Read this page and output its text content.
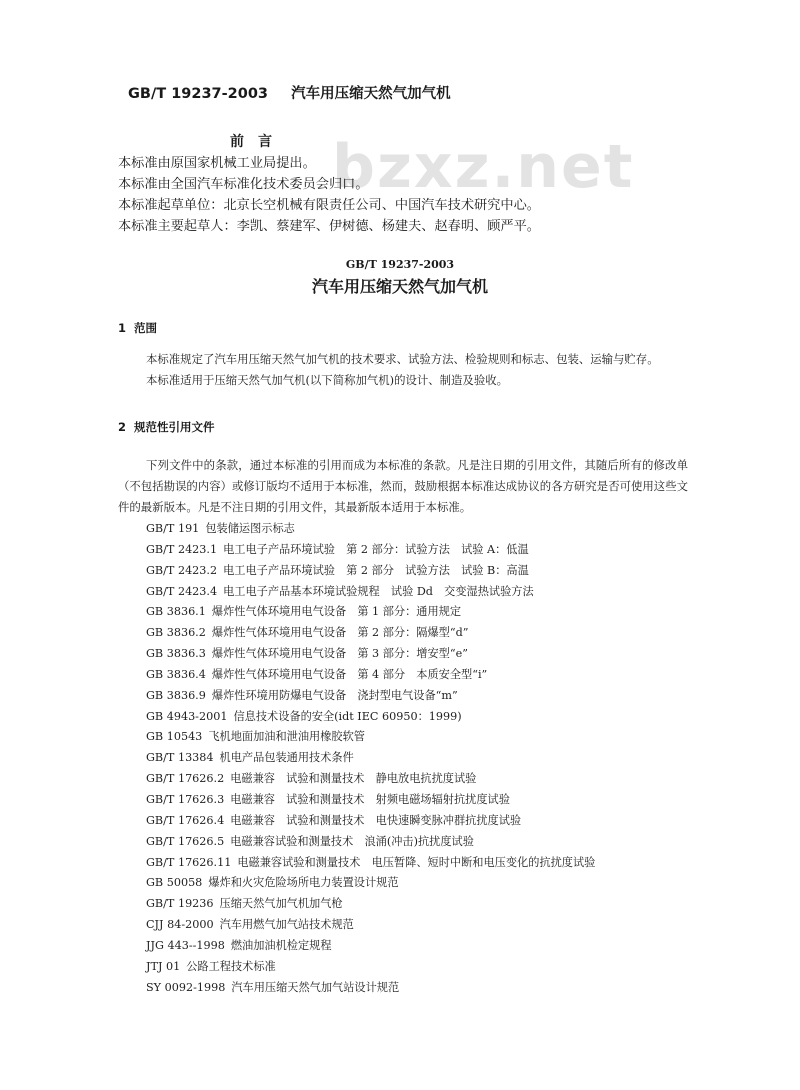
bzxz.net
GB/T 19237-2003 汽车用压缩天然气加气机
前言
本标准由原国家机械工业局提出。
本标准由全国汽车标准化技术委员会归口。
本标准起草单位：北京长空机械有限责任公司、中国汽车技术研究中心。
本标准主要起草人：李凯、蔡建军、伊树德、杨建夫、赵春明、顾严平。
GB/T 19237-2003
汽车用压缩天然气加气机
1 范围

本标准规定了汽车用压缩天然气加气机的技术要求、试验方法、检验规则和标志、包装、运输与贮存。

本标准适用于压缩天然气加气机(以下简称加气机)的设计、制造及验收。

2 规范性引用文件

下列文件中的条款，通过本标准的引用而成为本标准的条款。凡是注日期的引用文件，其随后所有的修改单（不包括勘误的内容）或修订版均不适用于本标准，然而，鼓励根据本标准达成协议的各方研究是否可使用这些文件的最新版本。凡是不注日期的引用文件，其最新版本适用于本标准。

GB/T 191 包装储运图示标志
GB/T 2423.1 电工电子产品环境试验　第 2 部分：试验方法　试验 A：低温
GB/T 2423.2 电工电子产品环境试验　第 2 部分　试验方法　试验 B：高温
GB/T 2423.4 电工电子产品基本环境试验规程　试验 Dd　交变湿热试验方法
GB 3836.1 爆炸性气体环境用电气设备　第 1 部分：通用规定
GB 3836.2 爆炸性气体环境用电气设备　第 2 部分：隔爆型“d”
GB 3836.3 爆炸性气体环境用电气设备　第 3 部分：增安型“e”
GB 3836.4 爆炸性气体环境用电气设备　第 4 部分　本质安全型“i”
GB 3836.9 爆炸性环境用防爆电气设备　浇封型电气设备“m”
GB 4943-2001 信息技术设备的安全(idt IEC 60950：1999)
GB 10543 飞机地面加油和泄油用橡胶软管
GB/T 13384 机电产品包装通用技术条件
GB/T 17626.2 电磁兼容　试验和测量技术　静电放电抗扰度试验
GB/T 17626.3 电磁兼容　试验和测量技术　射频电磁场辐射抗扰度试验
GB/T 17626.4 电磁兼容　试验和测量技术　电快速瞬变脉冲群抗扰度试验
GB/T 17626.5 电磁兼容试验和测量技术　浪涌(冲击)抗扰度试验
GB/T 17626.11 电磁兼容试验和测量技术　电压暂降、短时中断和电压变化的抗扰度试验
GB 50058 爆炸和火灾危险场所电力装置设计规范
GB/T 19236 压缩天然气加气机加气枪
CJJ 84-2000 汽车用燃气加气站技术规范
JJG 443--1998 燃油加油机检定规程
JTJ 01 公路工程技术标准
SY 0092-1998 汽车用压缩天然气加气站设计规范
